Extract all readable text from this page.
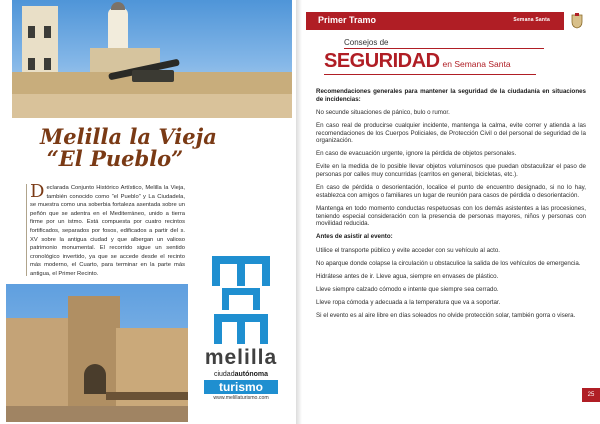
Melilla la Vieja
“El Pueblo”
Declarada Conjunto Histórico Artístico, Melilla la Vieja, también conocido como “el Pueblo” y La Ciudadela, se muestra como una soberbia fortaleza asentada sobre un peñón que se adentra en el Mediterráneo, unido a tierra firme por un istmo. Está compuesta por cuatro recintos fortificados, separados por fosos, edificados a partir del s. XV sobre la antigua ciudad y que albergan un valioso patrimonio monumental. El recorrido sigue un sentido cronológico invertido, ya que se accede desde el recinto más moderno, el Cuarto, para terminar en la parte más antigua, el Primer Recinto.
melilla
ciudadautónoma
turismo
www.melillaturismo.com
Primer Tramo	Semana Santa
Consejos de
SEGURIDAD en Semana Santa

Recomendaciones generales para mantener la seguridad de la ciudadanía en situaciones de incidencias:

No secunde situaciones de pánico, bulo o rumor.

En caso real de producirse cualquier incidente, mantenga la calma, evite correr y atienda a las recomendaciones de los Cuerpos Policiales, de Protección Civil o del personal de seguridad de la organización.

En caso de evacuación urgente, ignore la pérdida de objetos personales.

Evite en la medida de lo posible llevar objetos voluminosos que puedan obstaculizar el paso de personas por calles muy concurridas (carritos en general, bicicletas, etc.).

En caso de pérdida o desorientación, localice el punto de encuentro designado, si no lo hay, establezca con amigos o familiares un lugar de reunión para casos de pérdida o desorientación.

Mantenga en todo momento conductas respetuosas con los demás asistentes a las procesiones, teniendo especial consideración con la presencia de personas mayores, niños y personas con movilidad reducida.

Antes de asistir al evento:

Utilice el transporte público y evite acceder con su vehículo al acto.

No aparque donde colapse la circulación u obstaculice la salida de los vehículos de emergencia.

Hidrátese antes de ir. Lleve agua, siempre en envases de plástico.

Lleve siempre calzado cómodo e intente que siempre sea cerrado.

Lleve ropa cómoda y adecuada a la temperatura que va a soportar.

Si el evento es al aire libre en días soleados no olvide protección solar, también gorra o visera.

25
